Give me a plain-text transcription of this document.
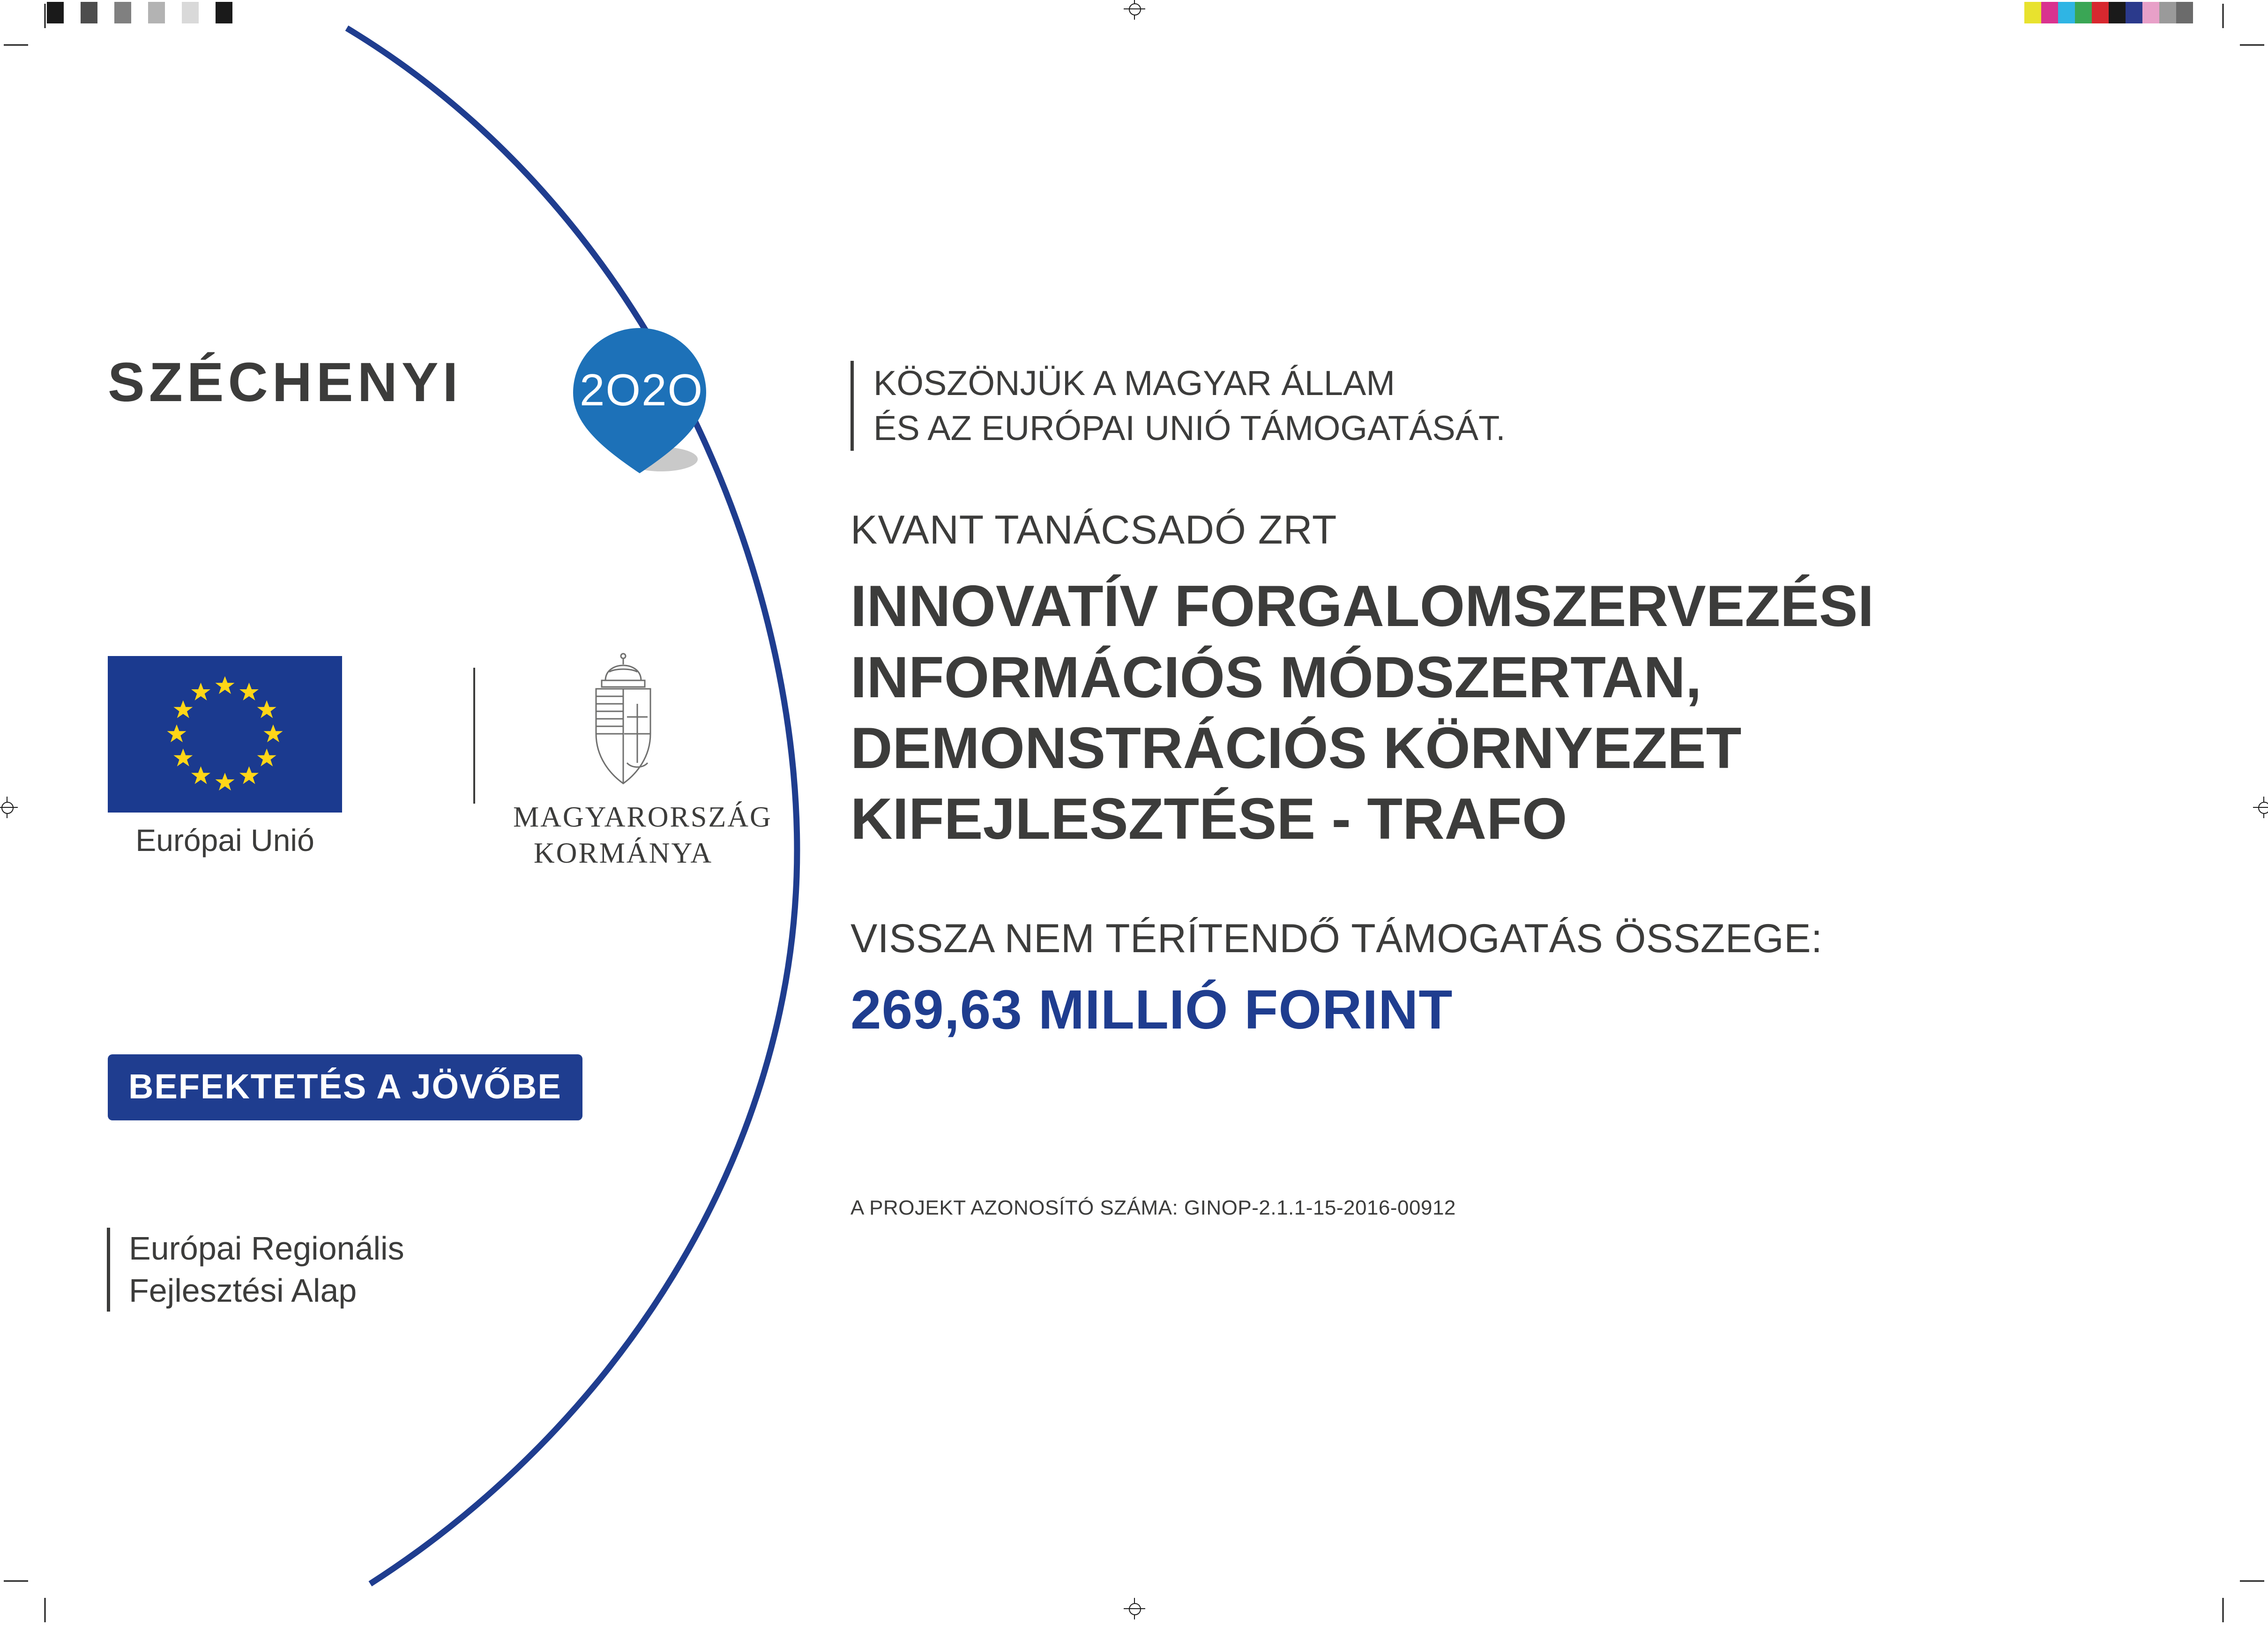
SZÉCHENYI	2O2O
Európai Unió
MAGYARORSZÁG
KORMÁNYA
BEFEKTETÉS A JÖVŐBE
Európai Regionális
Fejlesztési Alap
KÖSZÖNJÜK A MAGYAR ÁLLAM
ÉS AZ EURÓPAI UNIÓ TÁMOGATÁSÁT.
KVANT TANÁCSADÓ ZRT
INNOVATÍV FORGALOMSZERVEZÉSI INFORMÁCIÓS MÓDSZERTAN, DEMONSTRÁCIÓS KÖRNYEZET KIFEJLESZTÉSE - TRAFO
VISSZA NEM TÉRÍTENDŐ TÁMOGATÁS ÖSSZEGE:
269,63 MILLIÓ FORINT
A PROJEKT AZONOSÍTÓ SZÁMA: GINOP-2.1.1-15-2016-00912
